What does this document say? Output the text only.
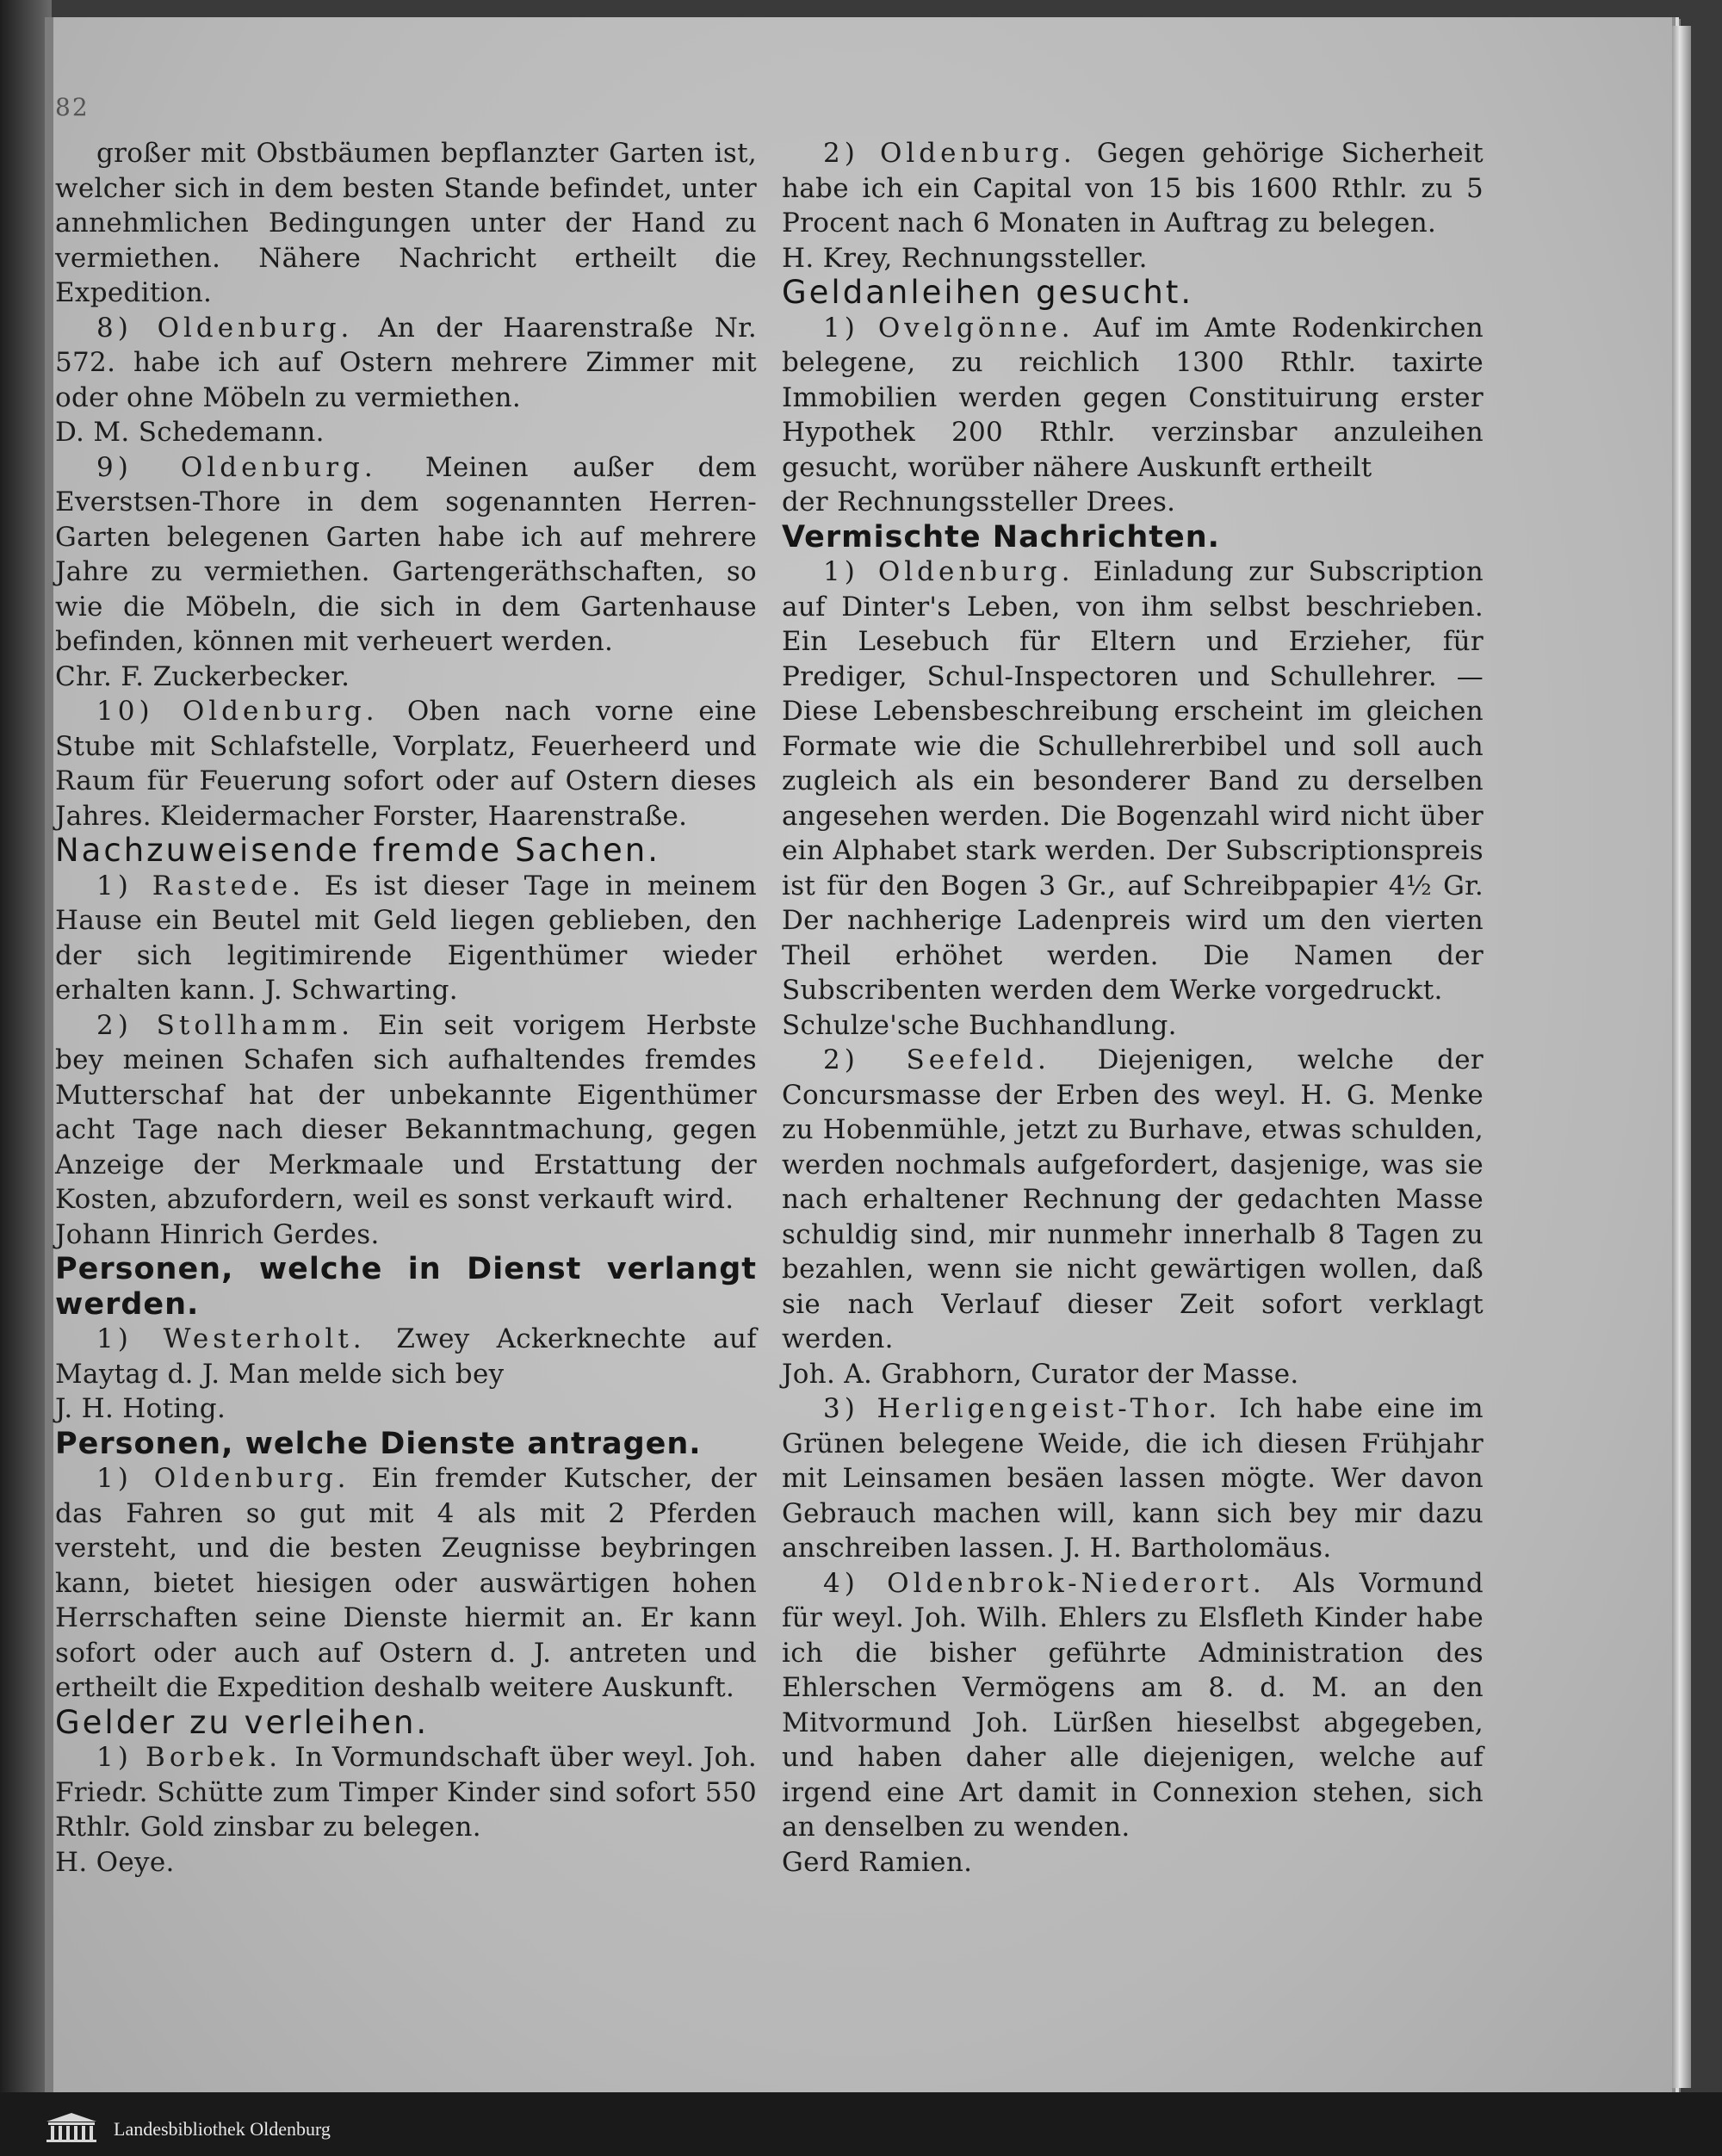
82

großer mit Obstbäumen bepflanzter Garten ist, welcher sich in dem besten Stande befindet, unter annehmlichen Bedingungen unter der Hand zu vermiethen. Nähere Nachricht ertheilt die Expedition.

8) Oldenburg. An der Haarenstraße Nr. 572. habe ich auf Ostern mehrere Zimmer mit oder ohne Möbeln zu vermiethen.

D. M. Schedemann.

9) Oldenburg. Meinen außer dem Everstsen-Thore in dem sogenannten Herren-Garten belegenen Garten habe ich auf mehrere Jahre zu vermiethen. Gartengeräthschaften, so wie die Möbeln, die sich in dem Gartenhause befinden, können mit verheuert werden.

Chr. F. Zuckerbecker.

10) Oldenburg. Oben nach vorne eine Stube mit Schlafstelle, Vorplatz, Feuerheerd und Raum für Feuerung sofort oder auf Ostern dieses Jahres. Kleidermacher Forster, Haarenstraße.

Nachzuweisende fremde Sachen.

1) Rastede. Es ist dieser Tage in meinem Hause ein Beutel mit Geld liegen geblieben, den der sich legitimirende Eigenthümer wieder erhalten kann. J. Schwarting.

2) Stollhamm. Ein seit vorigem Herbste bey meinen Schafen sich aufhaltendes fremdes Mutterschaf hat der unbekannte Eigenthümer acht Tage nach dieser Bekanntmachung, gegen Anzeige der Merkmaale und Erstattung der Kosten, abzufordern, weil es sonst verkauft wird.

Johann Hinrich Gerdes.

Personen, welche in Dienst verlangt werden.

1) Westerholt. Zwey Ackerknechte auf Maytag d. J. Man melde sich bey

J. H. Hoting.

Personen, welche Dienste antragen.

1) Oldenburg. Ein fremder Kutscher, der das Fahren so gut mit 4 als mit 2 Pferden versteht, und die besten Zeugnisse beybringen kann, bietet hiesigen oder auswärtigen hohen Herrschaften seine Dienste hiermit an. Er kann sofort oder auch auf Ostern d. J. antreten und ertheilt die Expedition deshalb weitere Auskunft.

Gelder zu verleihen.

1) Borbek. In Vormundschaft über weyl. Joh. Friedr. Schütte zum Timper Kinder sind sofort 550 Rthlr. Gold zinsbar zu belegen.

H. Oeye.

2) Oldenburg. Gegen gehörige Sicherheit habe ich ein Capital von 15 bis 1600 Rthlr. zu 5 Procent nach 6 Monaten in Auftrag zu belegen.

H. Krey, Rechnungssteller.

Geldanleihen gesucht.

1) Ovelgönne. Auf im Amte Rodenkirchen belegene, zu reichlich 1300 Rthlr. taxirte Immobilien werden gegen Constituirung erster Hypothek 200 Rthlr. verzinsbar anzuleihen gesucht, worüber nähere Auskunft ertheilt

der Rechnungssteller Drees.

Vermischte Nachrichten.

1) Oldenburg. Einladung zur Subscription auf Dinter's Leben, von ihm selbst beschrieben. Ein Lesebuch für Eltern und Erzieher, für Prediger, Schul-Inspectoren und Schullehrer. — Diese Lebensbeschreibung erscheint im gleichen Formate wie die Schullehrerbibel und soll auch zugleich als ein besonderer Band zu derselben angesehen werden. Die Bogenzahl wird nicht über ein Alphabet stark werden. Der Subscriptionspreis ist für den Bogen 3 Gr., auf Schreibpapier 4½ Gr. Der nachherige Ladenpreis wird um den vierten Theil erhöhet werden. Die Namen der Subscribenten werden dem Werke vorgedruckt.

Schulze'sche Buchhandlung.

2) Seefeld. Diejenigen, welche der Concursmasse der Erben des weyl. H. G. Menke zu Hobenmühle, jetzt zu Burhave, etwas schulden, werden nochmals aufgefordert, dasjenige, was sie nach erhaltener Rechnung der gedachten Masse schuldig sind, mir nunmehr innerhalb 8 Tagen zu bezahlen, wenn sie nicht gewärtigen wollen, daß sie nach Verlauf dieser Zeit sofort verklagt werden.

Joh. A. Grabhorn, Curator der Masse.

3) Herligengeist-Thor. Ich habe eine im Grünen belegene Weide, die ich diesen Frühjahr mit Leinsamen besäen lassen mögte. Wer davon Gebrauch machen will, kann sich bey mir dazu anschreiben lassen. J. H. Bartholomäus.

4) Oldenbrok-Niederort. Als Vormund für weyl. Joh. Wilh. Ehlers zu Elsfleth Kinder habe ich die bisher geführte Administration des Ehlerschen Vermögens am 8. d. M. an den Mitvormund Joh. Lürßen hieselbst abgegeben, und haben daher alle diejenigen, welche auf irgend eine Art damit in Connexion stehen, sich an denselben zu wenden.

Gerd Ramien.

Landesbibliothek Oldenburg
